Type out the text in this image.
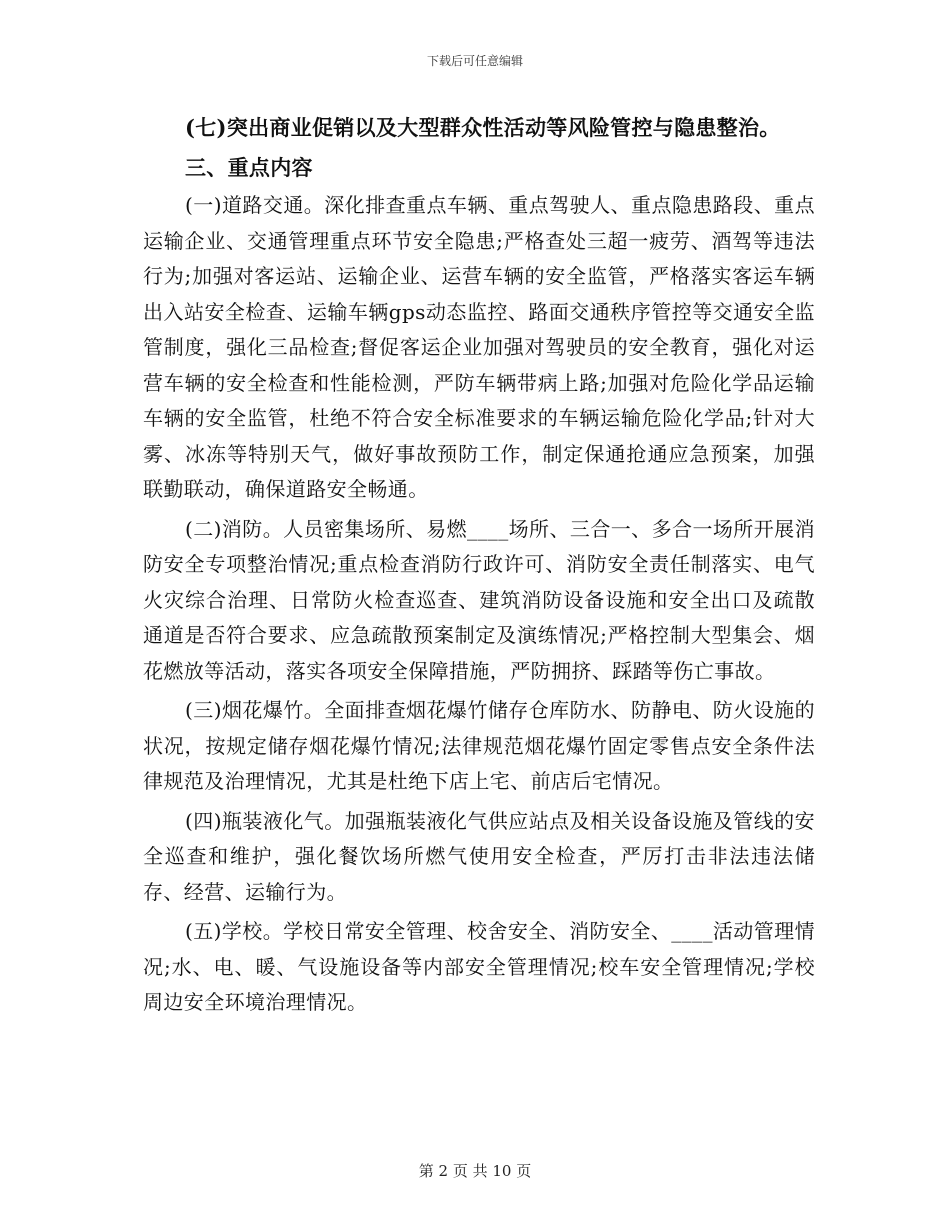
下载后可任意编辑

(七)突出商业促销以及大型群众性活动等风险管控与隐患整治。

三、重点内容

(一)道路交通。深化排查重点车辆、重点驾驶人、重点隐患路段、重点运输企业、交通管理重点环节安全隐患;严格查处三超一疲劳、酒驾等违法行为;加强对客运站、运输企业、运营车辆的安全监管，严格落实客运车辆出入站安全检查、运输车辆gps动态监控、路面交通秩序管控等交通安全监管制度，强化三品检查;督促客运企业加强对驾驶员的安全教育，强化对运营车辆的安全检查和性能检测，严防车辆带病上路;加强对危险化学品运输车辆的安全监管，杜绝不符合安全标准要求的车辆运输危险化学品;针对大雾、冰冻等特别天气，做好事故预防工作，制定保通抢通应急预案，加强联勤联动，确保道路安全畅通。

(二)消防。人员密集场所、易燃____场所、三合一、多合一场所开展消防安全专项整治情况;重点检查消防行政许可、消防安全责任制落实、电气火灾综合治理、日常防火检查巡查、建筑消防设备设施和安全出口及疏散通道是否符合要求、应急疏散预案制定及演练情况;严格控制大型集会、烟花燃放等活动，落实各项安全保障措施，严防拥挤、踩踏等伤亡事故。

(三)烟花爆竹。全面排查烟花爆竹储存仓库防水、防静电、防火设施的状况，按规定储存烟花爆竹情况;法律规范烟花爆竹固定零售点安全条件法律规范及治理情况，尤其是杜绝下店上宅、前店后宅情况。

(四)瓶装液化气。加强瓶装液化气供应站点及相关设备设施及管线的安全巡查和维护，强化餐饮场所燃气使用安全检查，严厉打击非法违法储存、经营、运输行为。

(五)学校。学校日常安全管理、校舍安全、消防安全、____活动管理情况;水、电、暖、气设施设备等内部安全管理情况;校车安全管理情况;学校周边安全环境治理情况。

第 2 页 共 10 页
